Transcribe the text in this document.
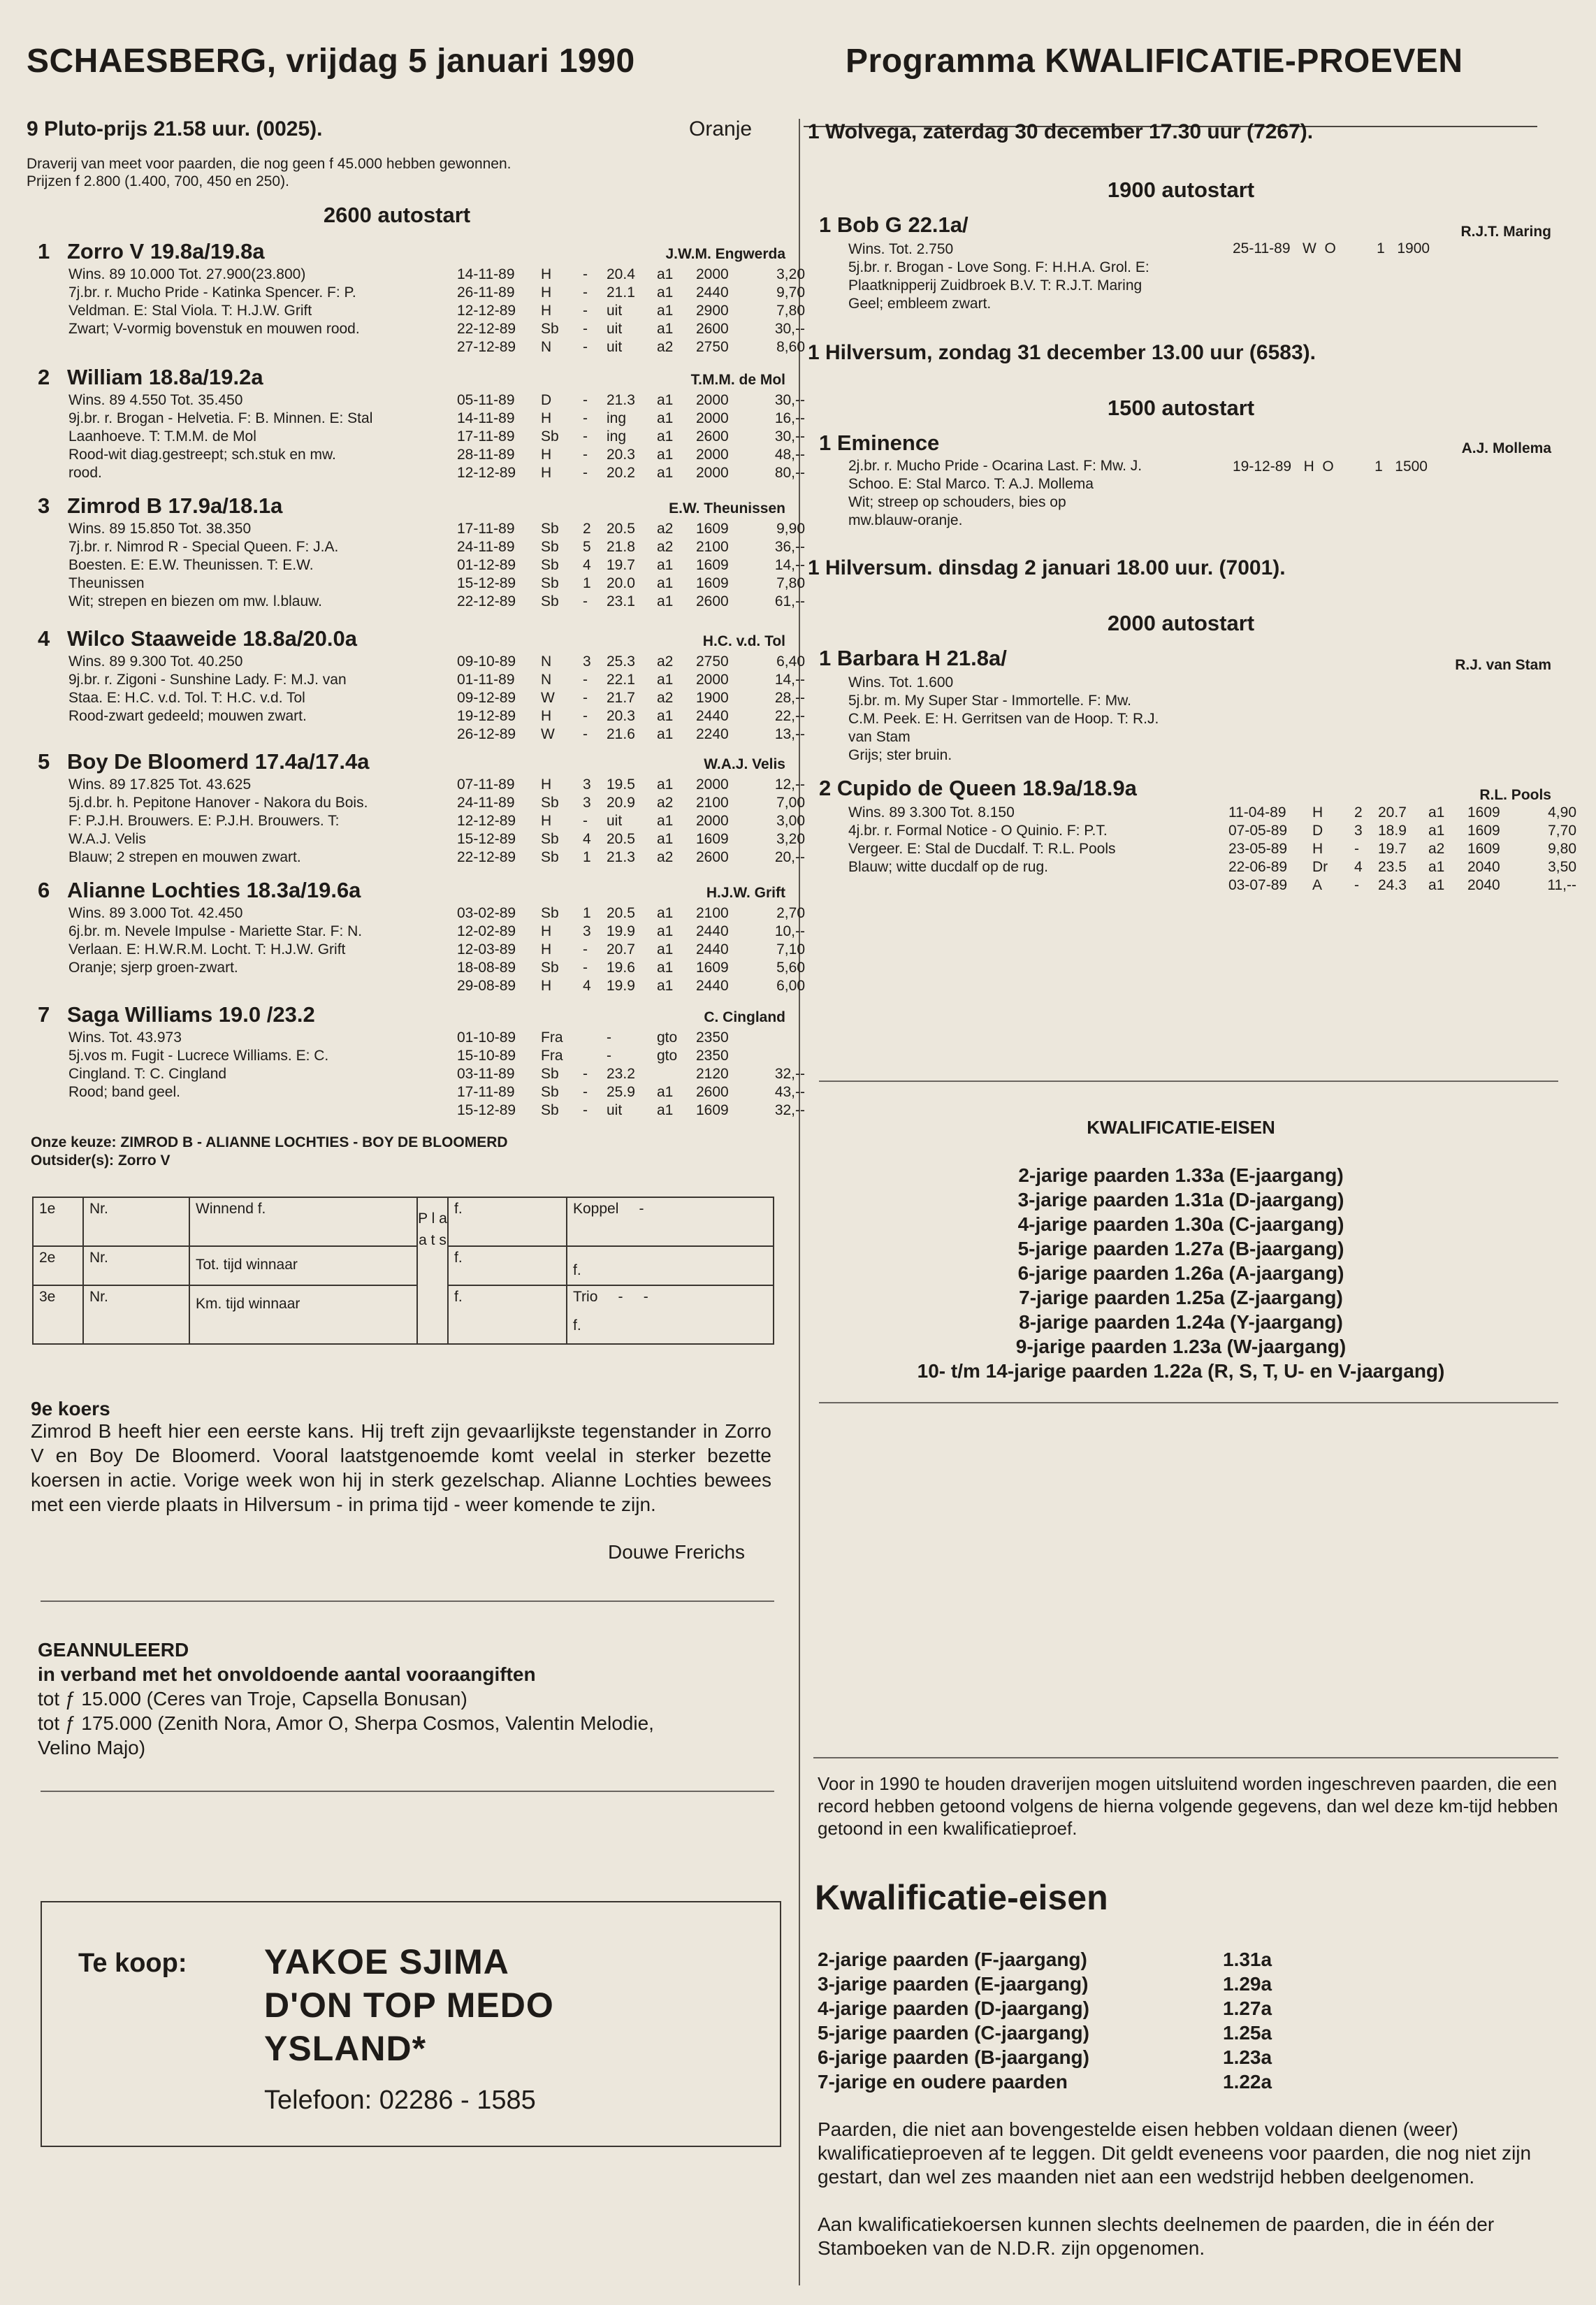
SCHAESBERG, vrijdag 5 januari 1990	Programma KWALIFICATIE-PROEVEN
9 Pluto-prijs 21.58 uur. (0025).	Oranje
Draverij van meet voor paarden, die nog geen f 45.000 hebben gewonnen.
Prijzen f 2.800 (1.400, 700, 450 en 250).
2600 autostart
1 Zorro V 19.8a/19.8a	J.W.M. Engwerda
Wins. 89 10.000 Tot. 27.900(23.800)
7j.br. r. Mucho Pride - Katinka Spencer. F: P.
Veldman. E: Stal Viola. T: H.J.W. Grift
Zwart; V-vormig bovenstuk en mouwen rood.
14-11-89 H - 20.4 a1 2000	3,20
26-11-89 H - 21.1 a1 2440	9,70
12-12-89 H - uit a1 2900	7,80
22-12-89 Sb - uit a1 2600	30,--
27-12-89 N - uit a2 2750	8,60
2 William 18.8a/19.2a	T.M.M. de Mol
Wins. 89 4.550 Tot. 35.450
9j.br. r. Brogan - Helvetia. F: B. Minnen. E: Stal
Laanhoeve. T: T.M.M. de Mol
Rood-wit diag.gestreept; sch.stuk en mw.
rood.
05-11-89 D - 21.3 a1 2000	30,--
14-11-89 H - ing a1 2000	16,--
17-11-89 Sb - ing a1 2600	30,--
28-11-89 H - 20.3 a1 2000	48,--
12-12-89 H - 20.2 a1 2000	80,--
3 Zimrod B 17.9a/18.1a	E.W. Theunissen
Wins. 89 15.850 Tot. 38.350
7j.br. r. Nimrod R - Special Queen. F: J.A.
Boesten. E: E.W. Theunissen. T: E.W.
Theunissen
Wit; strepen en biezen om mw. l.blauw.
17-11-89 Sb 2 20.5 a2 1609	9,90
24-11-89 Sb 5 21.8 a2 2100	36,--
01-12-89 Sb 4 19.7 a1 1609	14,--
15-12-89 Sb 1 20.0 a1 1609	7,80
22-12-89 Sb - 23.1 a1 2600	61,--
4 Wilco Staaweide 18.8a/20.0a	H.C. v.d. Tol
Wins. 89 9.300 Tot. 40.250
9j.br. r. Zigoni - Sunshine Lady. F: M.J. van
Staa. E: H.C. v.d. Tol. T: H.C. v.d. Tol
Rood-zwart gedeeld; mouwen zwart.
09-10-89 N 3 25.3 a2 2750	6,40
01-11-89 N - 22.1 a1 2000	14,--
09-12-89 W - 21.7 a2 1900	28,--
19-12-89 H - 20.3 a1 2440	22,--
26-12-89 W - 21.6 a1 2240	13,--
5 Boy De Bloomerd 17.4a/17.4a	W.A.J. Velis
Wins. 89 17.825 Tot. 43.625
5j.d.br. h. Pepitone Hanover - Nakora du Bois.
F: P.J.H. Brouwers. E: P.J.H. Brouwers. T:
W.A.J. Velis
Blauw; 2 strepen en mouwen zwart.
07-11-89 H 3 19.5 a1 2000	12,--
24-11-89 Sb 3 20.9 a2 2100	7,00
12-12-89 H - uit a1 2000	3,00
15-12-89 Sb 4 20.5 a1 1609	3,20
22-12-89 Sb 1 21.3 a2 2600	20,--
6 Alianne Lochties 18.3a/19.6a	H.J.W. Grift
Wins. 89 3.000 Tot. 42.450
6j.br. m. Nevele Impulse - Mariette Star. F: N.
Verlaan. E: H.W.R.M. Locht. T: H.J.W. Grift
Oranje; sjerp groen-zwart.
03-02-89 Sb 1 20.5 a1 2100	2,70
12-02-89 H 3 19.9 a1 2440	10,--
12-03-89 H - 20.7 a1 2440	7,10
18-08-89 Sb - 19.6 a1 1609	5,60
29-08-89 H 4 19.9 a1 2440	6,00
7 Saga Williams 19.0 /23.2	C. Cingland
Wins. Tot. 43.973
5j.vos m. Fugit - Lucrece Williams. E: C.
Cingland. T: C. Cingland
Rood; band geel.
01-10-89 Fra	-	gto 2350
15-10-89 Fra	-	gto 2350
03-11-89 Sb - 23.2	2120	32,--
17-11-89 Sb - 25.9 a1 2600	43,--
15-12-89 Sb - uit a1 1609	32,--
Onze keuze: ZIMROD B - ALIANNE LOCHTIES - BOY DE BLOOMERD
Outsider(s): Zorro V
1e	Nr.	Winnend f.	P l a a t s	f.	Koppel     -
2e	Nr.	Tot. tijd winnaar		f.	f.
3e	Nr.	Km. tijd winnaar		f.	Trio     -     -
f.
9e koers
Zimrod B heeft hier een eerste kans. Hij treft zijn gevaarlijkste tegenstander in Zorro V en Boy De Bloomerd. Vooral laatstgenoemde komt veelal in sterker bezette koersen in actie. Vorige week won hij in sterk gezelschap. Alianne Lochties bewees met een vierde plaats in Hilversum - in prima tijd - weer komende te zijn.
Douwe Frerichs
GEANNULEERD
in verband met het onvoldoende aantal vooraangiften
tot ƒ 15.000 (Ceres van Troje, Capsella Bonusan)
tot ƒ 175.000 (Zenith Nora, Amor O, Sherpa Cosmos, Valentin Melodie,
Velino Majo)
Te koop: YAKOE SJIMA
D'ON TOP MEDO
YSLAND*
Telefoon: 02286 - 1585
1 Wolvega, zaterdag 30 december 17.30 uur (7267).
1900 autostart
1 Bob G 22.1a/	R.J.T. Maring
Wins. Tot. 2.750
5j.br. r. Brogan - Love Song. F: H.H.A. Grol. E:
Plaatknipperij Zuidbroek B.V. T: R.J.T. Maring
Geel; embleem zwart.
25-11-89   W  O          1   1900
1 Hilversum, zondag 31 december 13.00 uur (6583).
1500 autostart
1 Eminence	A.J. Mollema
2j.br. r. Mucho Pride - Ocarina Last. F: Mw. J.
Schoo. E: Stal Marco. T: A.J. Mollema
Wit; streep op schouders, bies op
mw.blauw-oranje.
19-12-89   H  O          1   1500
1 Hilversum. dinsdag 2 januari 18.00 uur. (7001).
2000 autostart
1 Barbara H 21.8a/	R.J. van Stam
Wins. Tot. 1.600
5j.br. m. My Super Star - Immortelle. F: Mw.
C.M. Peek. E: H. Gerritsen van de Hoop. T: R.J.
van Stam
Grijs; ster bruin.
2 Cupido de Queen 18.9a/18.9a	R.L. Pools
Wins. 89 3.300 Tot. 8.150
4j.br. r. Formal Notice - O Quinio. F: P.T.
Vergeer. E: Stal de Ducdalf. T: R.L. Pools
Blauw; witte ducdalf op de rug.
11-04-89 H 2 20.7 a1 1609	4,90
07-05-89 D 3 18.9 a1 1609	7,70
23-05-89 H - 19.7 a2 1609	9,80
22-06-89 Dr 4 23.5 a1 2040	3,50
03-07-89 A - 24.3 a1 2040	11,--
KWALIFICATIE-EISEN
2-jarige paarden 1.33a (E-jaargang)
3-jarige paarden 1.31a (D-jaargang)
4-jarige paarden 1.30a (C-jaargang)
5-jarige paarden 1.27a (B-jaargang)
6-jarige paarden 1.26a (A-jaargang)
7-jarige paarden 1.25a (Z-jaargang)
8-jarige paarden 1.24a (Y-jaargang)
9-jarige paarden 1.23a (W-jaargang)
10- t/m 14-jarige paarden 1.22a (R, S, T, U- en V-jaargang)
Voor in 1990 te houden draverijen mogen uitsluitend worden ingeschreven paarden, die een record hebben getoond volgens de hierna volgende gegevens, dan wel deze km-tijd hebben getoond in een kwalificatieproef.
Kwalificatie-eisen
2-jarige paarden (F-jaargang)	1.31a
3-jarige paarden (E-jaargang)	1.29a
4-jarige paarden (D-jaargang)	1.27a
5-jarige paarden (C-jaargang)	1.25a
6-jarige paarden (B-jaargang)	1.23a
7-jarige en oudere paarden	1.22a
Paarden, die niet aan bovengestelde eisen hebben voldaan dienen (weer) kwalificatieproeven af te leggen. Dit geldt eveneens voor paarden, die nog niet zijn gestart, dan wel zes maanden niet aan een wedstrijd hebben deelgenomen.
Aan kwalificatiekoersen kunnen slechts deelnemen de paarden, die in één der Stamboeken van de N.D.R. zijn opgenomen.
